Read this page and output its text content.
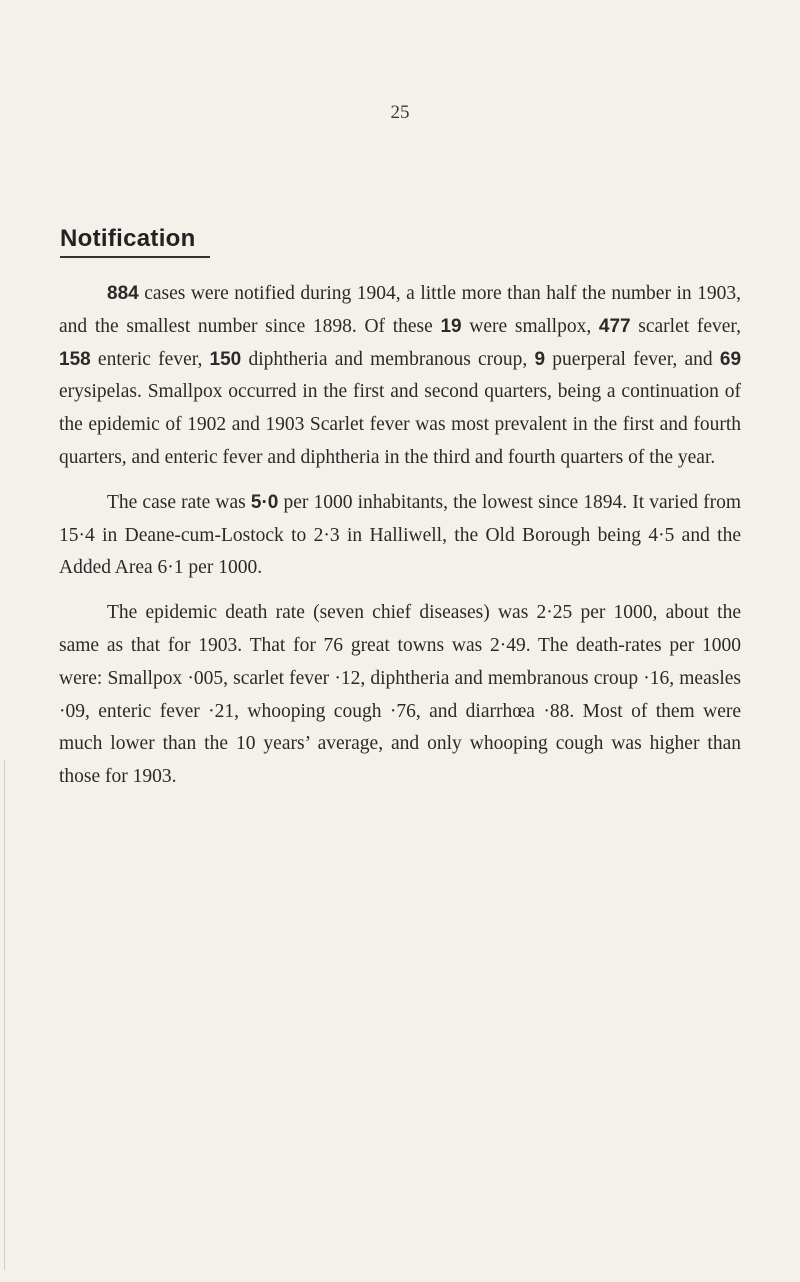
25
Notification

884 cases were notified during 1904, a little more than half the number in 1903, and the smallest number since 1898. Of these 19 were smallpox, 477 scarlet fever, 158 enteric fever, 150 diphtheria and membranous croup, 9 puerperal fever, and 69 erysipelas. Smallpox occurred in the first and second quarters, being a continuation of the epidemic of 1902 and 1903 Scarlet fever was most prevalent in the first and fourth quarters, and enteric fever and diphtheria in the third and fourth quarters of the year.

The case rate was 5·0 per 1000 inhabitants, the lowest since 1894. It varied from 15·4 in Deane-cum-Lostock to 2·3 in Halliwell, the Old Borough being 4·5 and the Added Area 6·1 per 1000.

The epidemic death rate (seven chief diseases) was 2·25 per 1000, about the same as that for 1903. That for 76 great towns was 2·49. The death-rates per 1000 were: Smallpox ·005, scarlet fever ·12, diphtheria and membranous croup ·16, measles ·09, enteric fever ·21, whooping cough ·76, and diarrhœa ·88. Most of them were much lower than the 10 years’ average, and only whooping cough was higher than those for 1903.
